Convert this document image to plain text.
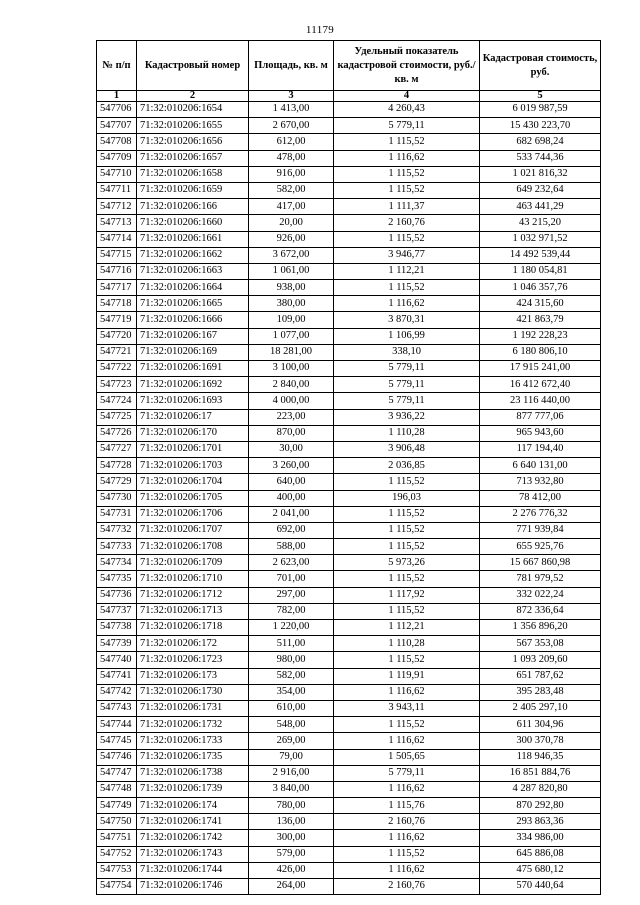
11179
№ п/п	Кадастровый номер	Площадь, кв. м	Удельный показатель кадастровой стоимости, руб./кв. м	Кадастровая стоимость, руб.
1	2	3	4	5
547706	71:32:010206:1654	1 413,00	4 260,43	6 019 987,59
547707	71:32:010206:1655	2 670,00	5 779,11	15 430 223,70
547708	71:32:010206:1656	612,00	1 115,52	682 698,24
547709	71:32:010206:1657	478,00	1 116,62	533 744,36
547710	71:32:010206:1658	916,00	1 115,52	1 021 816,32
547711	71:32:010206:1659	582,00	1 115,52	649 232,64
547712	71:32:010206:166	417,00	1 111,37	463 441,29
547713	71:32:010206:1660	20,00	2 160,76	43 215,20
547714	71:32:010206:1661	926,00	1 115,52	1 032 971,52
547715	71:32:010206:1662	3 672,00	3 946,77	14 492 539,44
547716	71:32:010206:1663	1 061,00	1 112,21	1 180 054,81
547717	71:32:010206:1664	938,00	1 115,52	1 046 357,76
547718	71:32:010206:1665	380,00	1 116,62	424 315,60
547719	71:32:010206:1666	109,00	3 870,31	421 863,79
547720	71:32:010206:167	1 077,00	1 106,99	1 192 228,23
547721	71:32:010206:169	18 281,00	338,10	6 180 806,10
547722	71:32:010206:1691	3 100,00	5 779,11	17 915 241,00
547723	71:32:010206:1692	2 840,00	5 779,11	16 412 672,40
547724	71:32:010206:1693	4 000,00	5 779,11	23 116 440,00
547725	71:32:010206:17	223,00	3 936,22	877 777,06
547726	71:32:010206:170	870,00	1 110,28	965 943,60
547727	71:32:010206:1701	30,00	3 906,48	117 194,40
547728	71:32:010206:1703	3 260,00	2 036,85	6 640 131,00
547729	71:32:010206:1704	640,00	1 115,52	713 932,80
547730	71:32:010206:1705	400,00	196,03	78 412,00
547731	71:32:010206:1706	2 041,00	1 115,52	2 276 776,32
547732	71:32:010206:1707	692,00	1 115,52	771 939,84
547733	71:32:010206:1708	588,00	1 115,52	655 925,76
547734	71:32:010206:1709	2 623,00	5 973,26	15 667 860,98
547735	71:32:010206:1710	701,00	1 115,52	781 979,52
547736	71:32:010206:1712	297,00	1 117,92	332 022,24
547737	71:32:010206:1713	782,00	1 115,52	872 336,64
547738	71:32:010206:1718	1 220,00	1 112,21	1 356 896,20
547739	71:32:010206:172	511,00	1 110,28	567 353,08
547740	71:32:010206:1723	980,00	1 115,52	1 093 209,60
547741	71:32:010206:173	582,00	1 119,91	651 787,62
547742	71:32:010206:1730	354,00	1 116,62	395 283,48
547743	71:32:010206:1731	610,00	3 943,11	2 405 297,10
547744	71:32:010206:1732	548,00	1 115,52	611 304,96
547745	71:32:010206:1733	269,00	1 116,62	300 370,78
547746	71:32:010206:1735	79,00	1 505,65	118 946,35
547747	71:32:010206:1738	2 916,00	5 779,11	16 851 884,76
547748	71:32:010206:1739	3 840,00	1 116,62	4 287 820,80
547749	71:32:010206:174	780,00	1 115,76	870 292,80
547750	71:32:010206:1741	136,00	2 160,76	293 863,36
547751	71:32:010206:1742	300,00	1 116,62	334 986,00
547752	71:32:010206:1743	579,00	1 115,52	645 886,08
547753	71:32:010206:1744	426,00	1 116,62	475 680,12
547754	71:32:010206:1746	264,00	2 160,76	570 440,64
